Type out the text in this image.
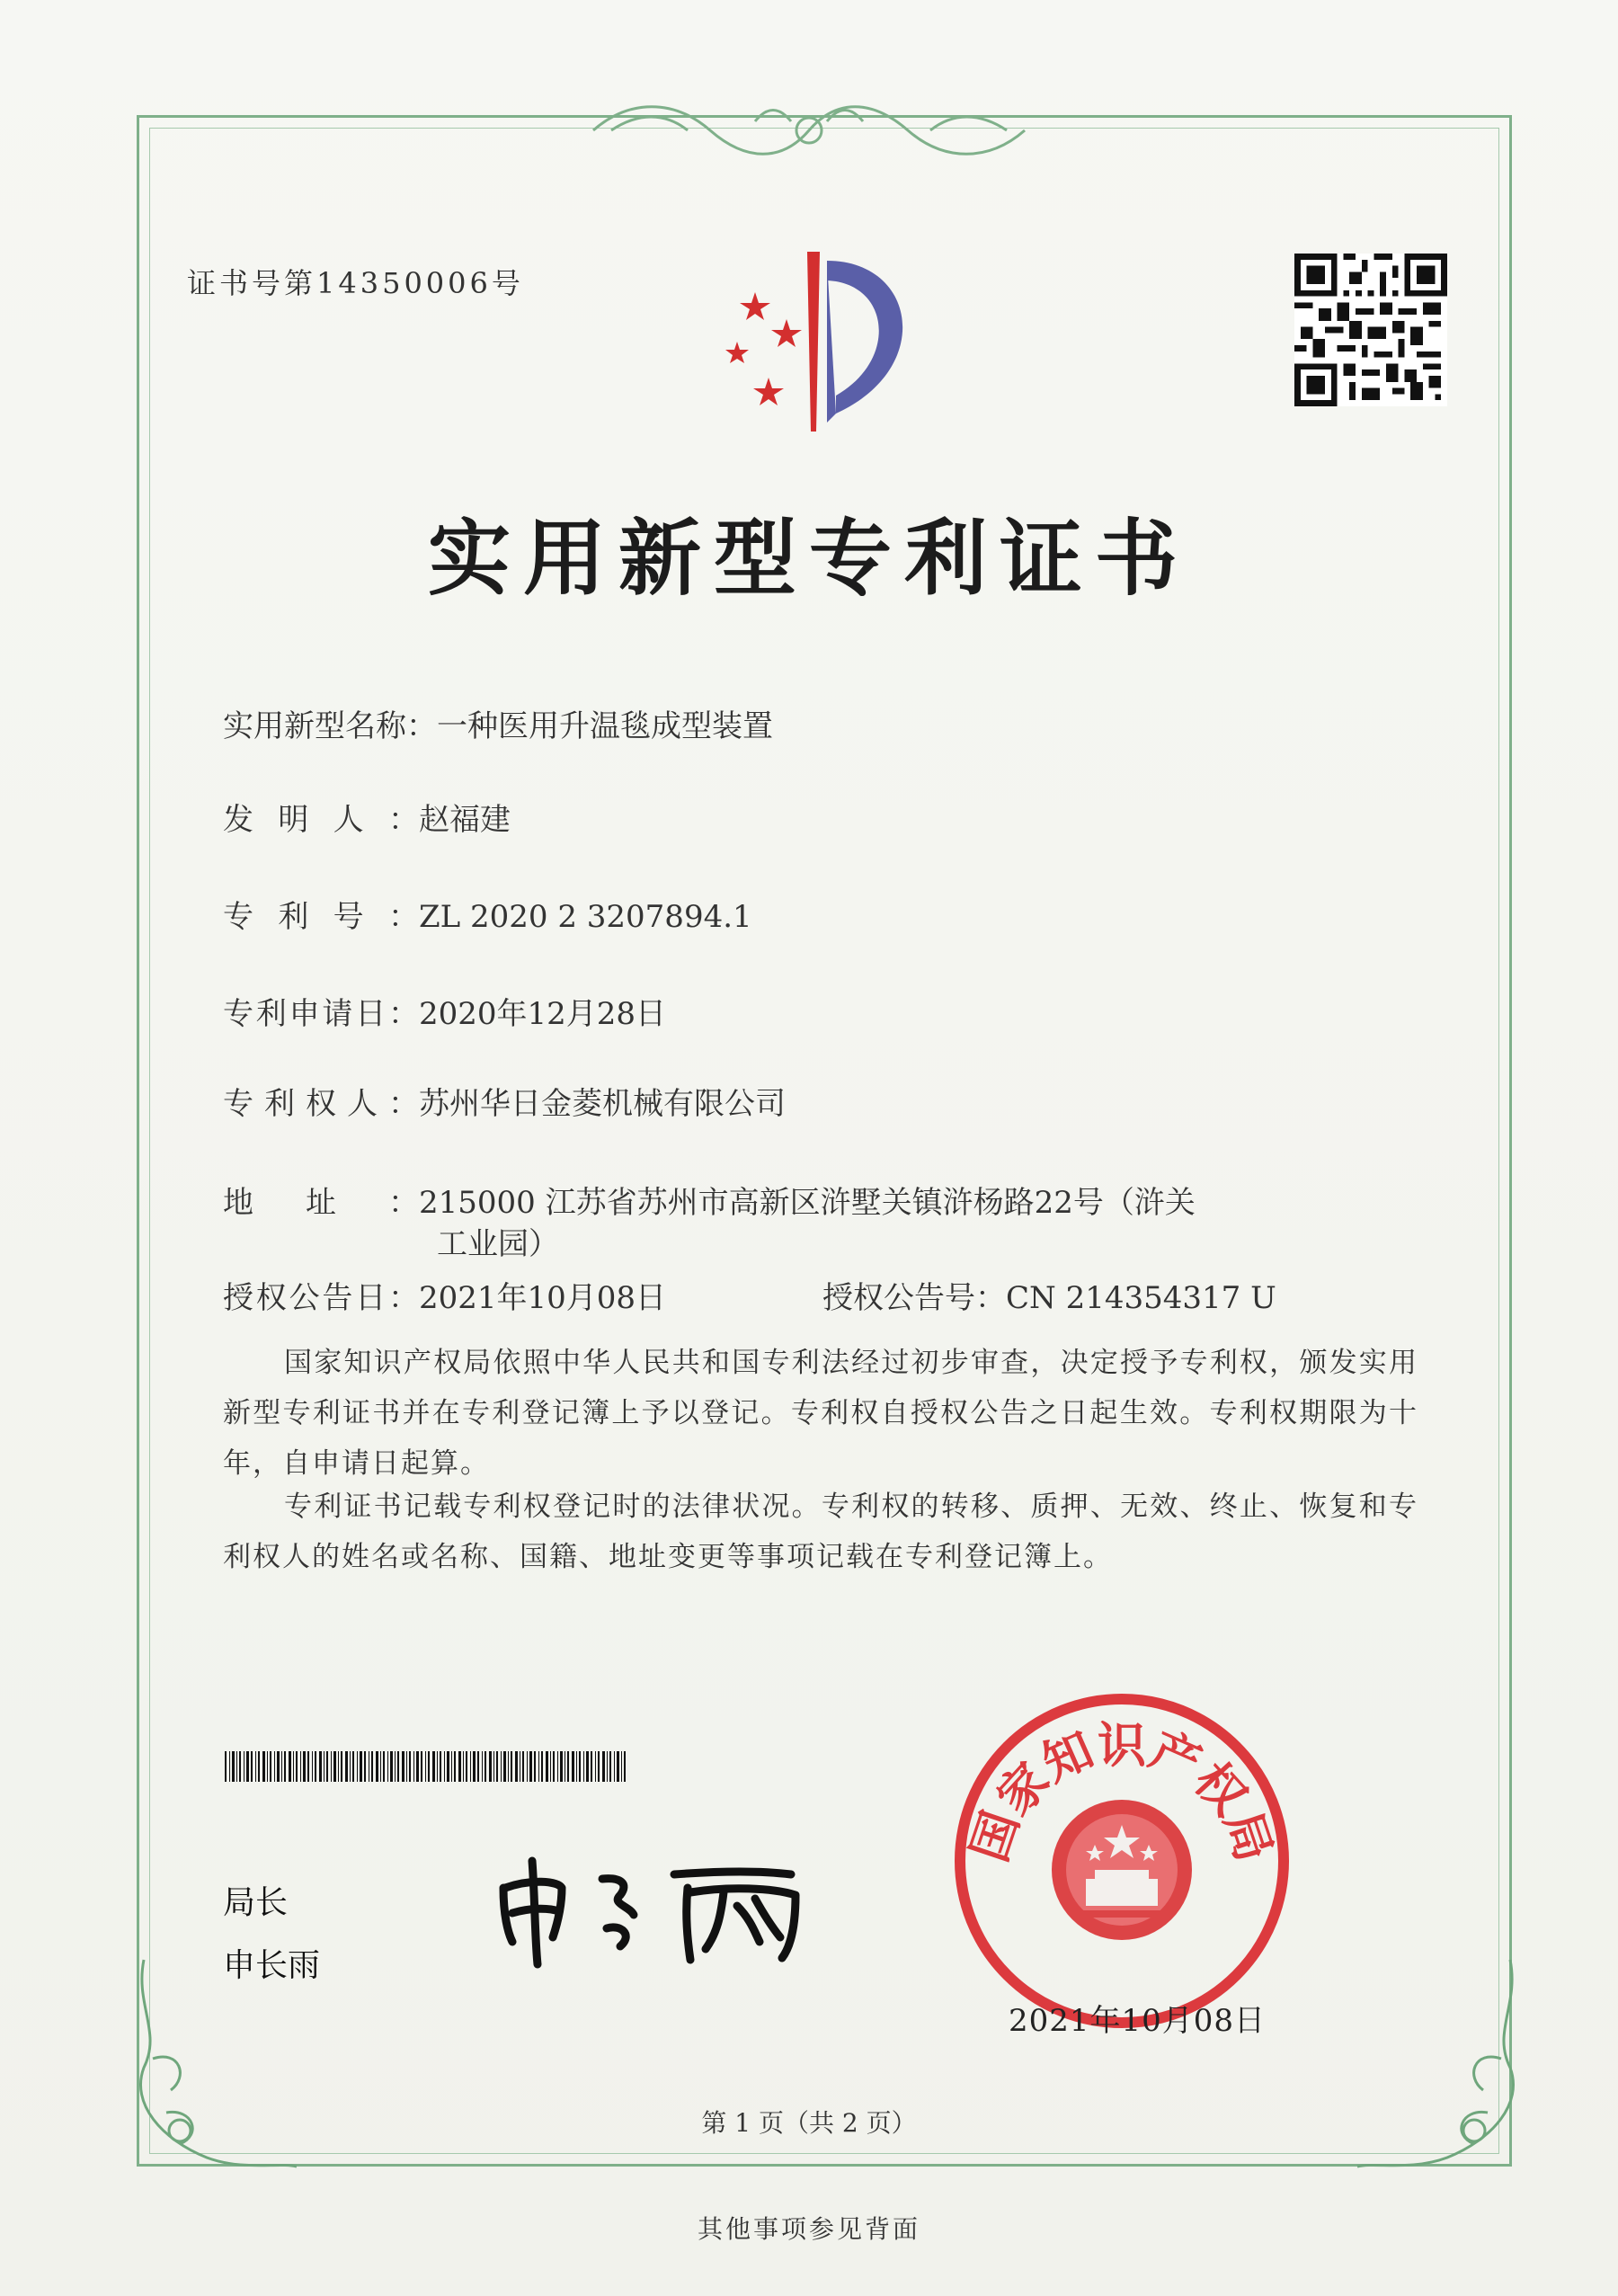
证书号第14350006号
实用新型专利证书
实用新型名称：一种医用升温毯成型装置
发明人：赵福建
专利号：ZL 2020 2 3207894.1
专利申请日：2020年12月28日
专利权人：苏州华日金菱机械有限公司
地址：215000 江苏省苏州市高新区浒墅关镇浒杨路22号（浒关
工业园）
授权公告日：2021年10月08日	授权公告号：CN 214354317 U
国家知识产权局依照中华人民共和国专利法经过初步审查，决定授予专利权，颁发实用新型专利证书并在专利登记簿上予以登记。专利权自授权公告之日起生效。专利权期限为十年，自申请日起算。
专利证书记载专利权登记时的法律状况。专利权的转移、质押、无效、终止、恢复和专利权人的姓名或名称、国籍、地址变更等事项记载在专利登记簿上。
局长
申长雨
国家知识产权局
2021年10月08日
第 1 页（共 2 页）
其他事项参见背面
